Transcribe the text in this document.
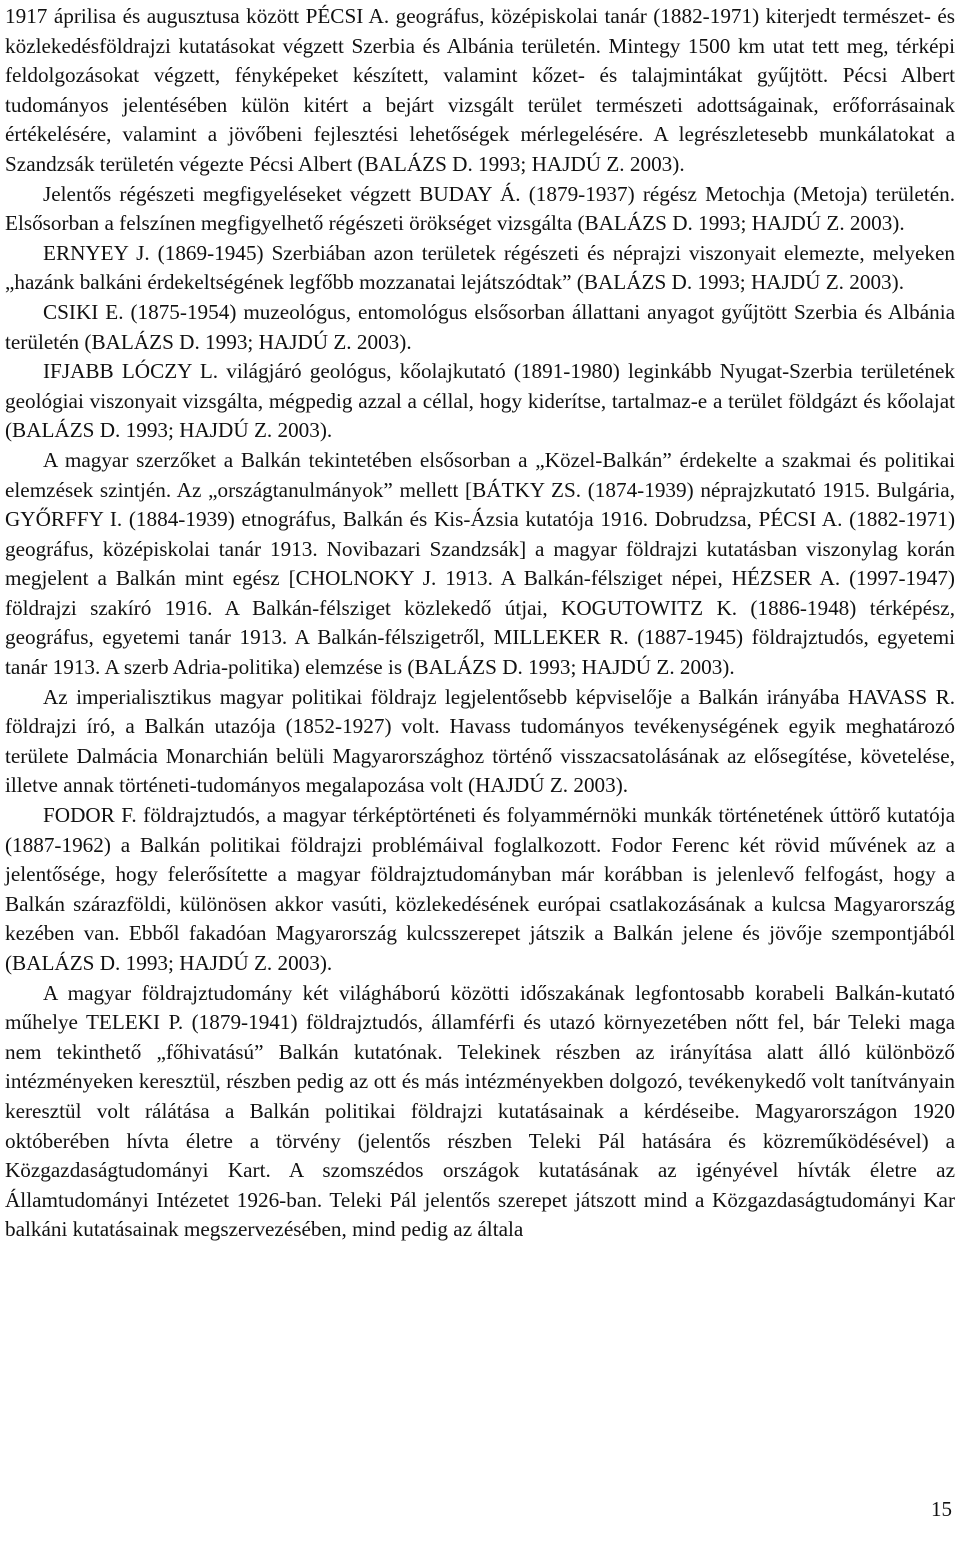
1917 áprilisa és augusztusa között PÉCSI A. geográfus, középiskolai tanár (1882-1971) kiterjedt természet- és közlekedésföldrajzi kutatásokat végzett Szerbia és Albánia területén. Mintegy 1500 km utat tett meg, térképi feldolgozásokat végzett, fényképeket készített, valamint kőzet- és talajmintákat gyűjtött. Pécsi Albert tudományos jelentésében külön kitért a bejárt vizsgált terület természeti adottságainak, erőforrásainak értékelésére, valamint a jövőbeni fejlesztési lehetőségek mérlegelésére. A legrészletesebb munkálatokat a Szandzsák területén végezte Pécsi Albert (BALÁZS D. 1993; HAJDÚ Z. 2003).

Jelentős régészeti megfigyeléseket végzett BUDAY Á. (1879-1937) régész Metochja (Metoja) területén. Elsősorban a felszínen megfigyelhető régészeti örökséget vizsgálta (BALÁZS D. 1993; HAJDÚ Z. 2003).

ERNYEY J. (1869-1945) Szerbiában azon területek régészeti és néprajzi viszonyait elemezte, melyeken „hazánk balkáni érdekeltségének legfőbb mozzanatai lejátszódtak” (BALÁZS D. 1993; HAJDÚ Z. 2003).

CSIKI E. (1875-1954) muzeológus, entomológus elsősorban állattani anyagot gyűjtött Szerbia és Albánia területén (BALÁZS D. 1993; HAJDÚ Z. 2003).

IFJABB LÓCZY L. világjáró geológus, kőolajkutató (1891-1980) leginkább Nyugat-Szerbia területének geológiai viszonyait vizsgálta, mégpedig azzal a céllal, hogy kiderítse, tartalmaz-e a terület földgázt és kőolajat (BALÁZS D. 1993; HAJDÚ Z. 2003).

A magyar szerzőket a Balkán tekintetében elsősorban a „Közel-Balkán” érdekelte a szakmai és politikai elemzések szintjén. Az „országtanulmányok” mellett [BÁTKY ZS. (1874-1939) néprajzkutató 1915. Bulgária, GYŐRFFY I. (1884-1939) etnográfus, Balkán és Kis-Ázsia kutatója 1916. Dobrudzsa, PÉCSI A. (1882-1971) geográfus, középiskolai tanár 1913. Novibazari Szandzsák] a magyar földrajzi kutatásban viszonylag korán megjelent a Balkán mint egész [CHOLNOKY J. 1913. A Balkán-félsziget népei, HÉZSER A. (1997-1947) földrajzi szakíró 1916. A Balkán-félsziget közlekedő útjai, KOGUTOWITZ K. (1886-1948) térképész, geográfus, egyetemi tanár 1913. A Balkán-félszigetről, MILLEKER R. (1887-1945) földrajztudós, egyetemi tanár 1913. A szerb Adria-politika) elemzése is (BALÁZS D. 1993; HAJDÚ Z. 2003).

Az imperialisztikus magyar politikai földrajz legjelentősebb képviselője a Balkán irányába HAVASS R. földrajzi író, a Balkán utazója (1852-1927) volt. Havass tudományos tevékenységének egyik meghatározó területe Dalmácia Monarchián belüli Magyarországhoz történő visszacsatolásának az elősegítése, követelése, illetve annak történeti-tudományos megalapozása volt (HAJDÚ Z. 2003).

FODOR F. földrajztudós, a magyar térképtörténeti és folyammérnöki munkák történetének úttörő kutatója (1887-1962) a Balkán politikai földrajzi problémáival foglalkozott. Fodor Ferenc két rövid művének az a jelentősége, hogy felerősítette a magyar földrajztudományban már korábban is jelenlevő felfogást, hogy a Balkán szárazföldi, különösen akkor vasúti, közlekedésének európai csatlakozásának a kulcsa Magyarország kezében van. Ebből fakadóan Magyarország kulcsszerepet játszik a Balkán jelene és jövője szempontjából (BALÁZS D. 1993; HAJDÚ Z. 2003).

A magyar földrajztudomány két világháború közötti időszakának legfontosabb korabeli Balkán-kutató műhelye TELEKI P. (1879-1941) földrajztudós, államférfi és utazó környezetében nőtt fel, bár Teleki maga nem tekinthető „főhivatású” Balkán kutatónak. Telekinek részben az irányítása alatt álló különböző intézményeken keresztül, részben pedig az ott és más intézményekben dolgozó, tevékenykedő volt tanítványain keresztül volt rálátása a Balkán politikai földrajzi kutatásainak a kérdéseibe. Magyarországon 1920 októberében hívta életre a törvény (jelentős részben Teleki Pál hatására és közreműködésével) a Közgazdaságtudományi Kart. A szomszédos országok kutatásának az igényével hívták életre az Államtudományi Intézetet 1926-ban. Teleki Pál jelentős szerepet játszott mind a Közgazdaságtudományi Kar balkáni kutatásainak megszervezésében, mind pedig az általa

15
